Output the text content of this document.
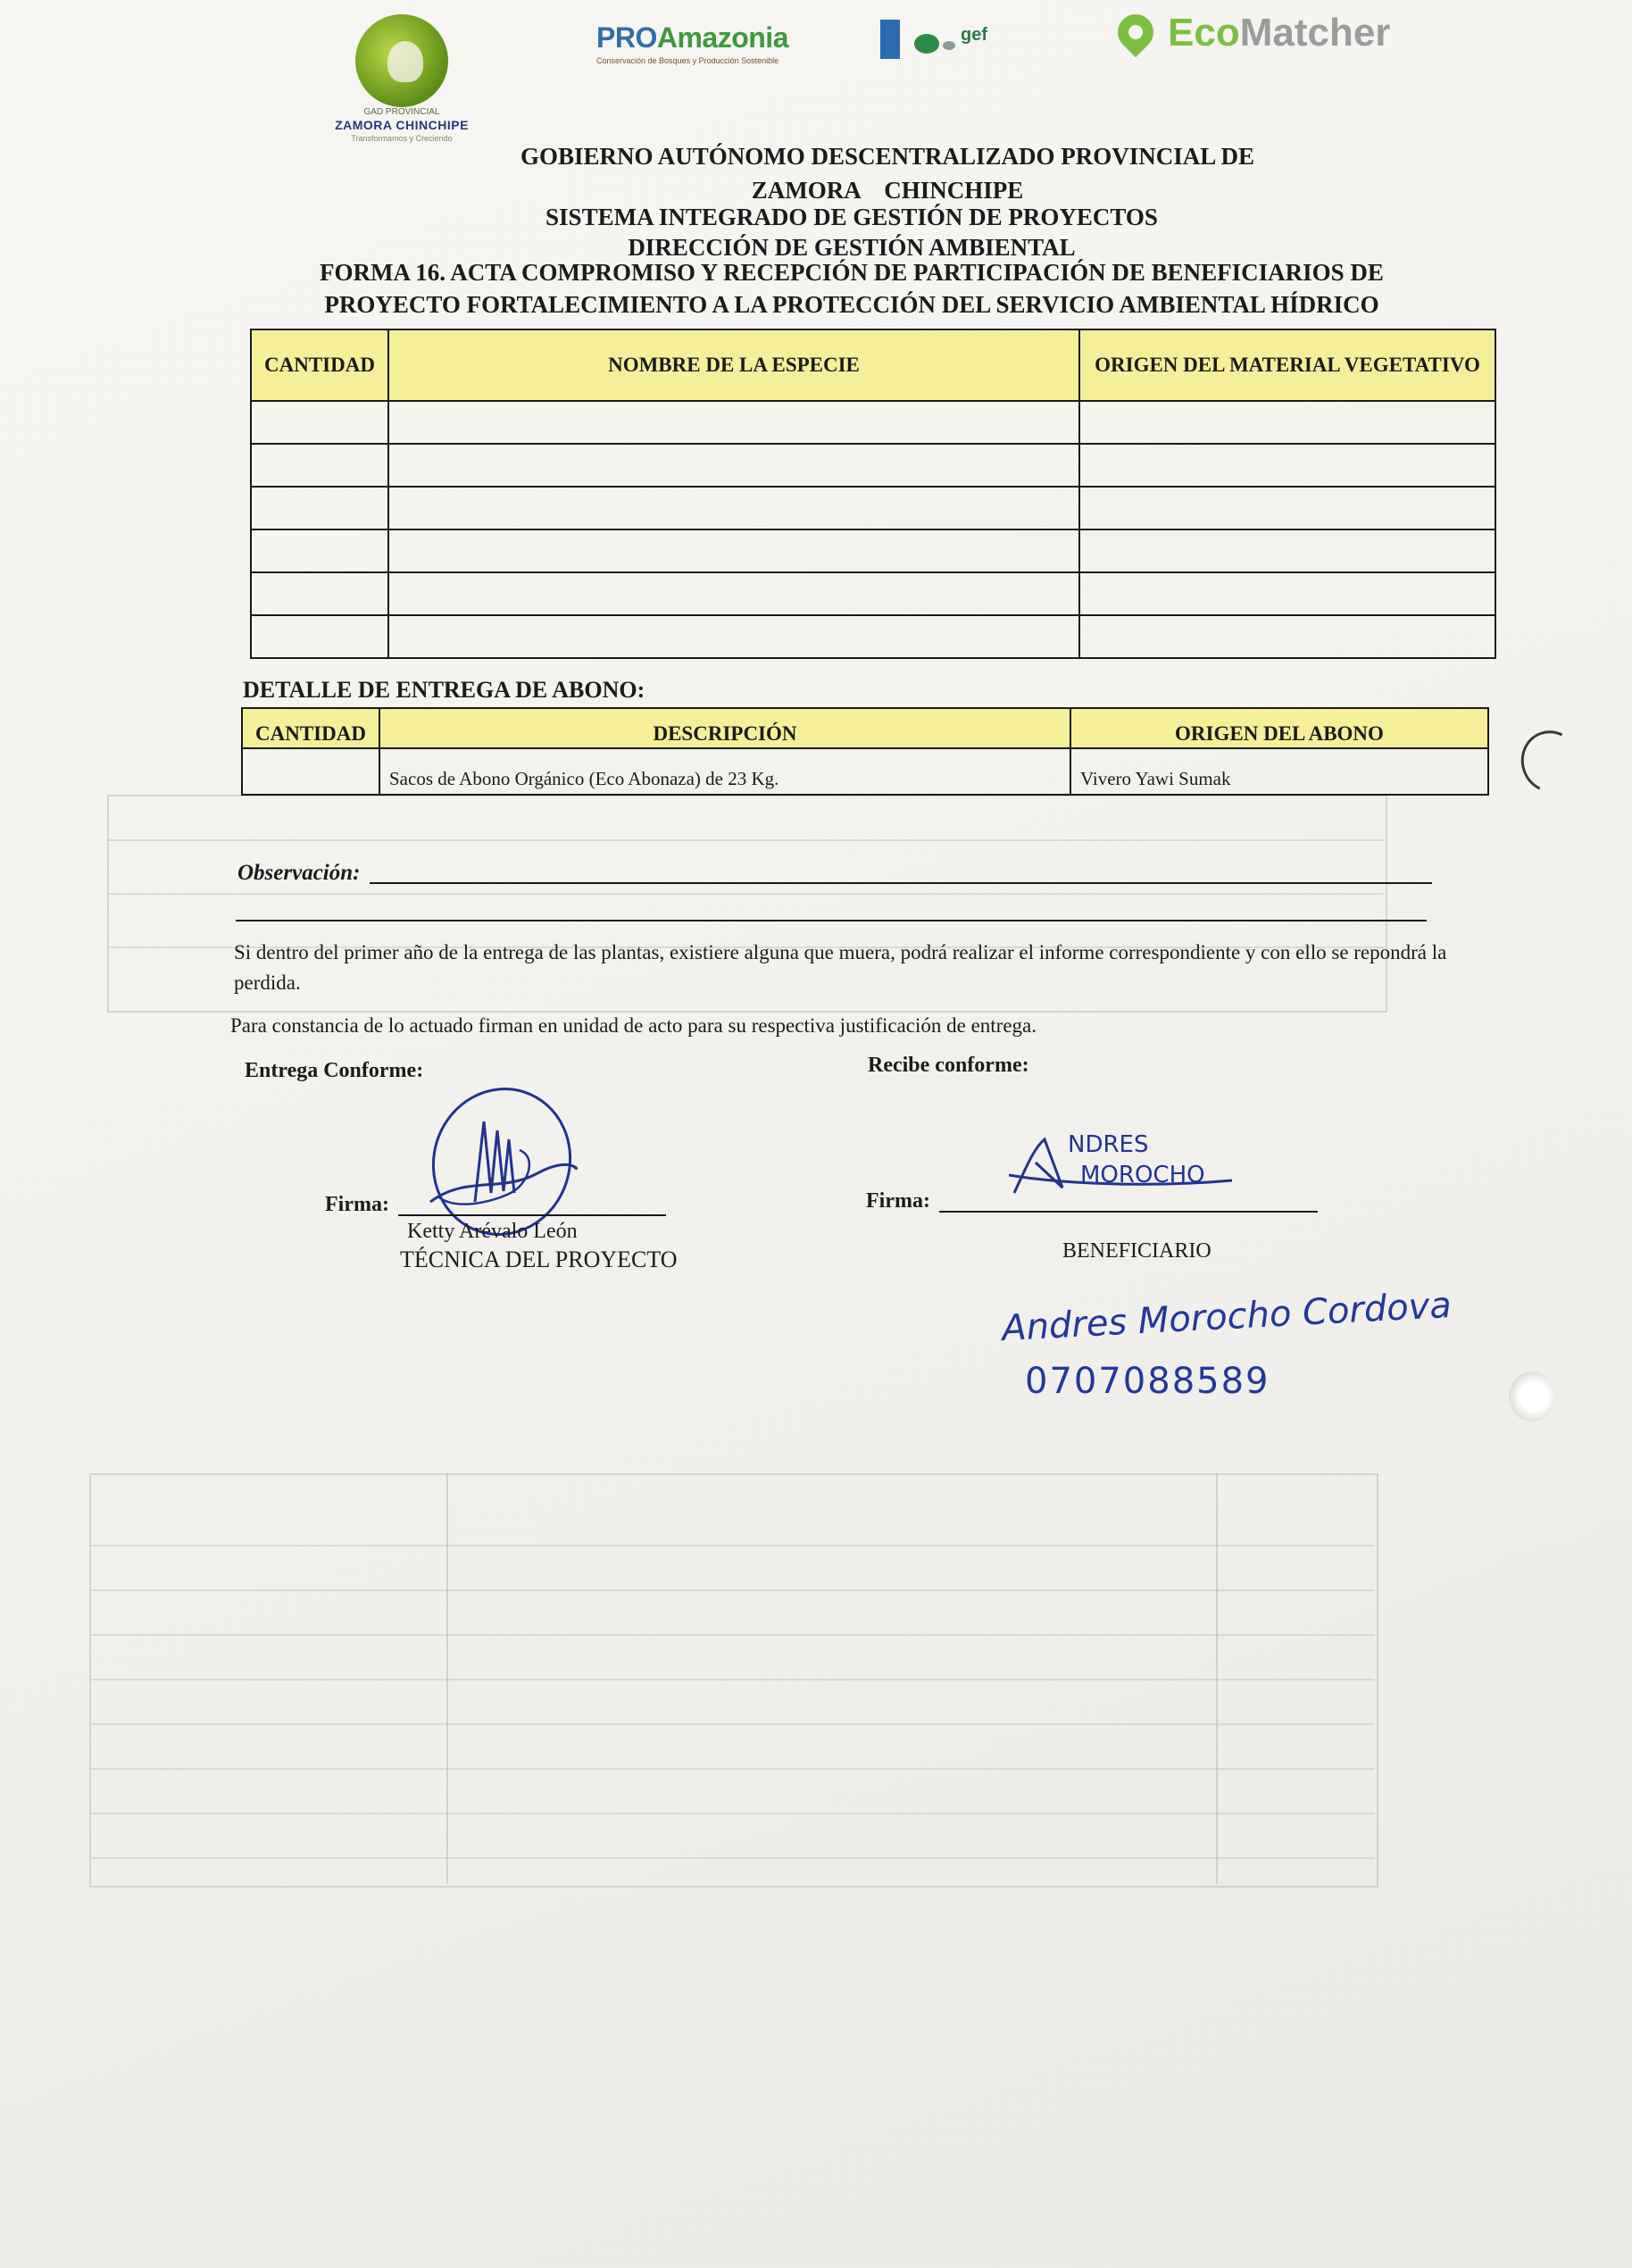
GAD PROVINCIAL
ZAMORA CHINCHIPE
Transformamos y Creciendo
PROAmazonia
Conservación de Bosques y Producción Sostenible
gef	EcoMatcher
GOBIERNO AUTÓNOMO DESCENTRALIZADO PROVINCIAL DE
ZAMORA    CHINCHIPE
SISTEMA INTEGRADO DE GESTIÓN DE PROYECTOS
DIRECCIÓN DE GESTIÓN AMBIENTAL
FORMA 16. ACTA COMPROMISO Y RECEPCIÓN DE PARTICIPACIÓN DE BENEFICIARIOS DE
PROYECTO FORTALECIMIENTO A LA PROTECCIÓN DEL SERVICIO AMBIENTAL HÍDRICO
CANTIDAD	NOMBRE DE LA ESPECIE	ORIGEN DEL MATERIAL VEGETATIVO

DETALLE DE ENTREGA DE ABONO:
CANTIDAD	DESCRIPCIÓN	ORIGEN DEL ABONO
	Sacos de Abono Orgánico (Eco Abonaza) de 23 Kg.	Vivero Yawi Sumak
Observación:
Si dentro del primer año de la entrega de las plantas, existiere alguna que muera, podrá realizar el informe correspondiente y con ello se repondrá la perdida.
Para constancia de lo actuado firman en unidad de acto para su respectiva justificación de entrega.
Entrega Conforme:	Recibe conforme:
Firma:
Ketty Arévalo León
TÉCNICA DEL PROYECTO
NDRES
MOROCHO
Firma:
BENEFICIARIO
Andres Morocho Cordova
0707088589
